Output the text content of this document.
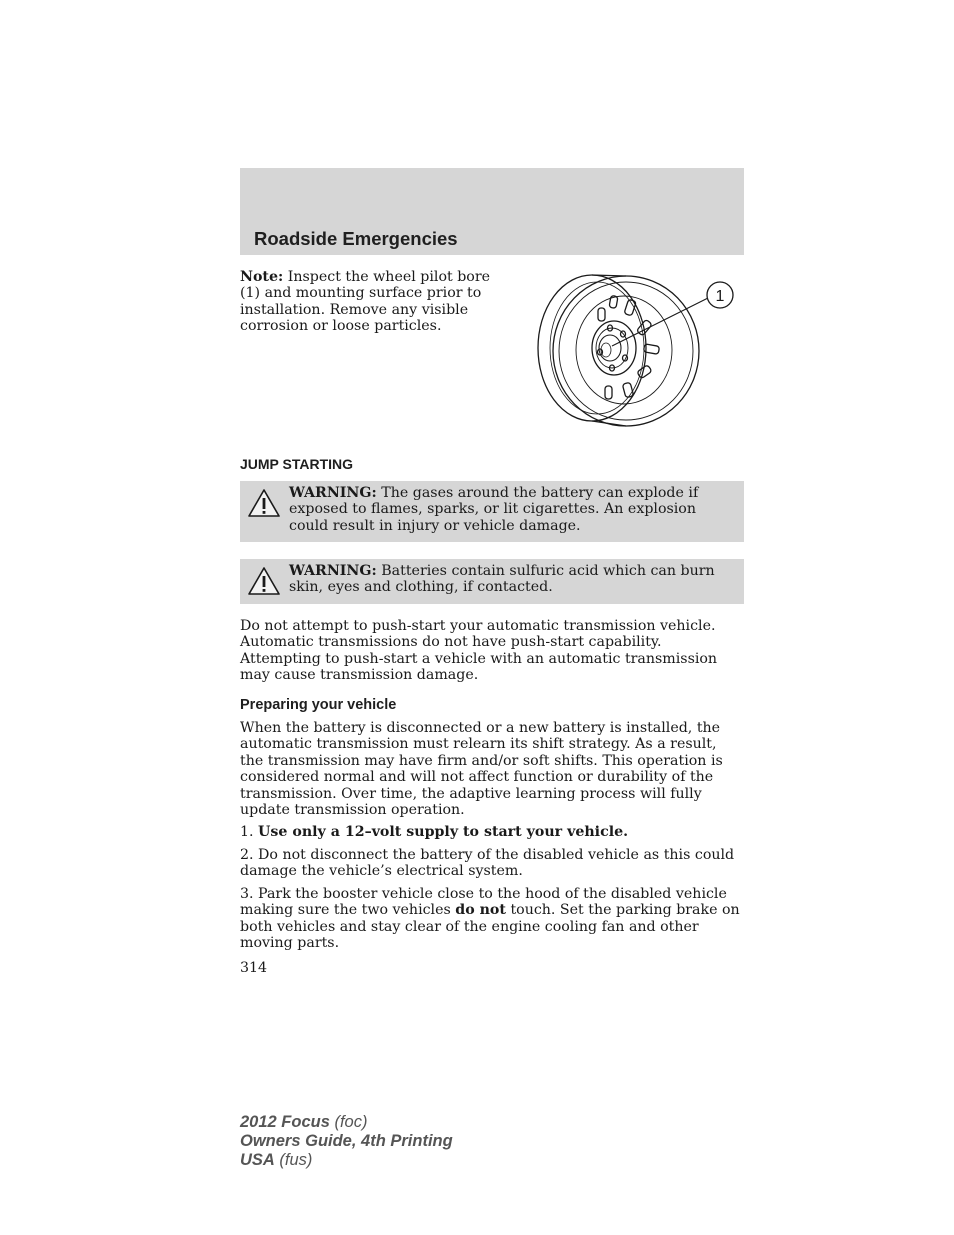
Roadside Emergencies

Note: Inspect the wheel pilot bore (1) and mounting surface prior to installation. Remove any visible corrosion or loose particles.

1
JUMP STARTING

WARNING: The gases around the battery can explode if exposed to flames, sparks, or lit cigarettes. An explosion could result in injury or vehicle damage.

WARNING: Batteries contain sulfuric acid which can burn skin, eyes and clothing, if contacted.

Do not attempt to push-start your automatic transmission vehicle. Automatic transmissions do not have push-start capability. Attempting to push-start a vehicle with an automatic transmission may cause transmission damage.

Preparing your vehicle

When the battery is disconnected or a new battery is installed, the automatic transmission must relearn its shift strategy. As a result, the transmission may have firm and/or soft shifts. This operation is considered normal and will not affect function or durability of the transmission. Over time, the adaptive learning process will fully update transmission operation.

1. Use only a 12–volt supply to start your vehicle.

2. Do not disconnect the battery of the disabled vehicle as this could damage the vehicle’s electrical system.

3. Park the booster vehicle close to the hood of the disabled vehicle making sure the two vehicles do not touch. Set the parking brake on both vehicles and stay clear of the engine cooling fan and other moving parts.

314
2012 Focus (foc)
Owners Guide, 4th Printing
USA (fus)
